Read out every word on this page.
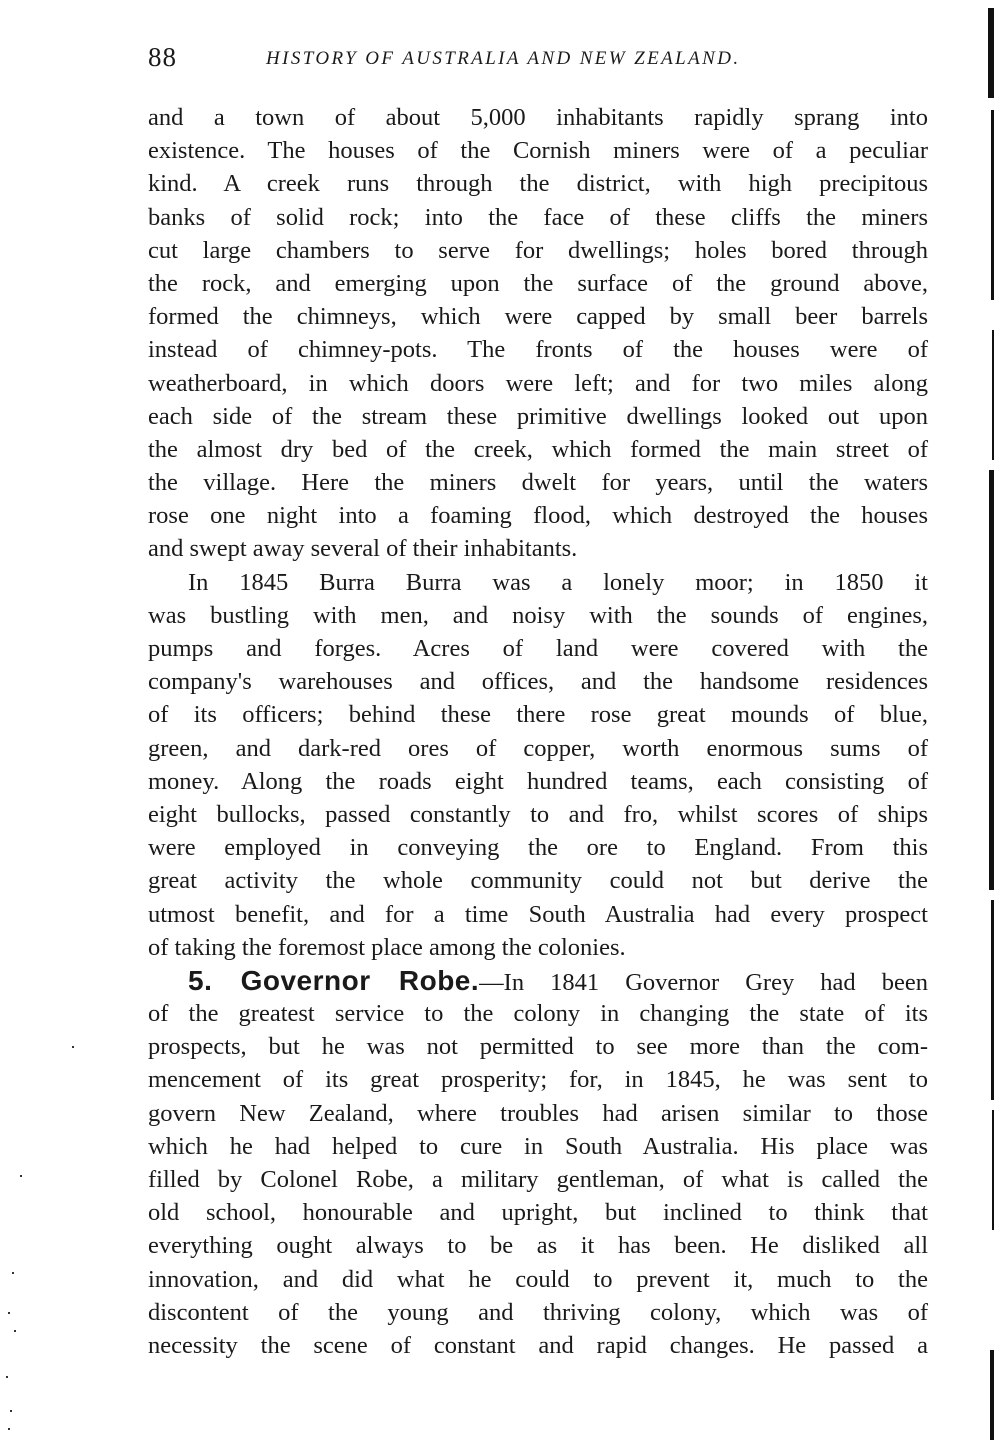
88	HISTORY OF AUSTRALIA AND NEW ZEALAND.
and a town of about 5,000 inhabitants rapidly sprang into
existence. The houses of the Cornish miners were of a peculiar
kind. A creek runs through the district, with high precipitous
banks of solid rock; into the face of these cliffs the miners
cut large chambers to serve for dwellings; holes bored through
the rock, and emerging upon the surface of the ground above,
formed the chimneys, which were capped by small beer barrels
instead of chimney-pots. The fronts of the houses were of
weatherboard, in which doors were left; and for two miles along
each side of the stream these primitive dwellings looked out upon
the almost dry bed of the creek, which formed the main street of
the village. Here the miners dwelt for years, until the waters
rose one night into a foaming flood, which destroyed the houses
and swept away several of their inhabitants.
In 1845 Burra Burra was a lonely moor; in 1850 it
was bustling with men, and noisy with the sounds of engines,
pumps and forges. Acres of land were covered with the
company's warehouses and offices, and the handsome residences
of its officers; behind these there rose great mounds of blue,
green, and dark-red ores of copper, worth enormous sums of
money. Along the roads eight hundred teams, each consisting of
eight bullocks, passed constantly to and fro, whilst scores of ships
were employed in conveying the ore to England. From this
great activity the whole community could not but derive the
utmost benefit, and for a time South Australia had every prospect
of taking the foremost place among the colonies.
5. Governor Robe.—In 1841 Governor Grey had been
of the greatest service to the colony in changing the state of its
prospects, but he was not permitted to see more than the com-
mencement of its great prosperity; for, in 1845, he was sent to
govern New Zealand, where troubles had arisen similar to those
which he had helped to cure in South Australia. His place was
filled by Colonel Robe, a military gentleman, of what is called the
old school, honourable and upright, but inclined to think that
everything ought always to be as it has been. He disliked all
innovation, and did what he could to prevent it, much to the
discontent of the young and thriving colony, which was of
necessity the scene of constant and rapid changes. He passed a
